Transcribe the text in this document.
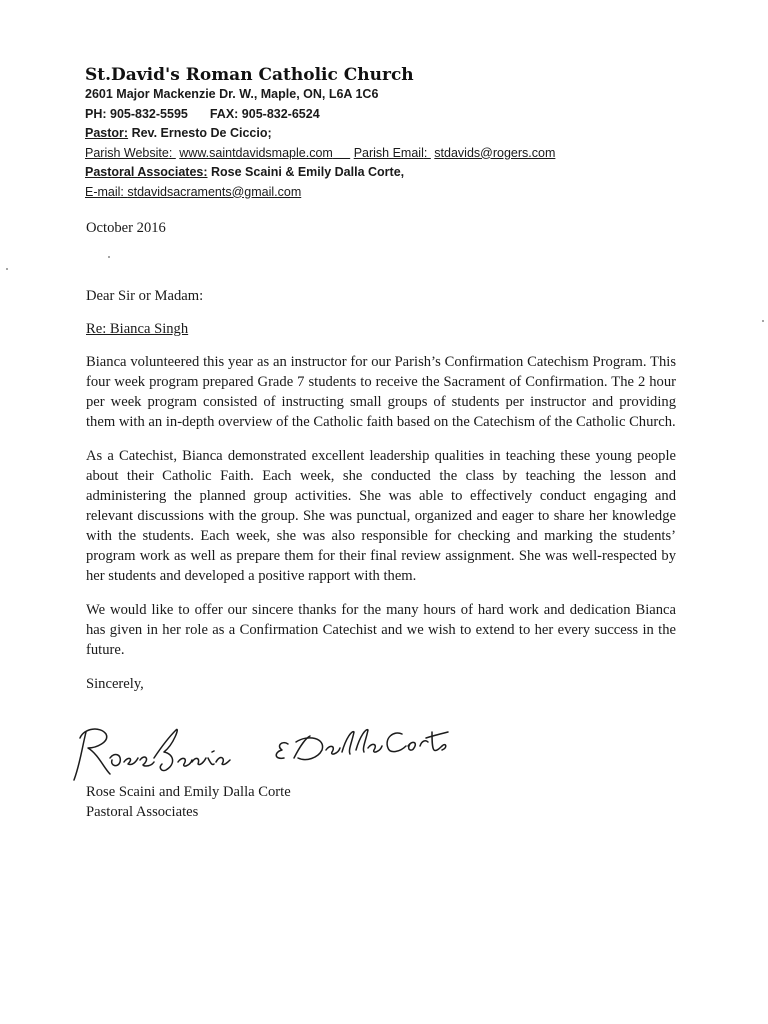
St.David's Roman Catholic Church
2601 Major Mackenzie Dr. W., Maple, ON, L6A 1C6
PH: 905-832-5595 FAX: 905-832-6524
Pastor: Rev. Ernesto De Ciccio;
Parish Website:  www.saintdavidsmaple.com Parish Email:  stdavids@rogers.com
Pastoral Associates: Rose Scaini & Emily Dalla Corte,
E-mail: stdavidsacraments@gmail.com

October 2016

Dear Sir or Madam:

Re: Bianca Singh

Bianca volunteered this year as an instructor for our Parish’s Confirmation Catechism Program. This four week program prepared Grade 7 students to receive the Sacrament of Confirmation. The 2 hour per week program consisted of instructing small groups of students per instructor and providing them with an in-depth overview of the Catholic faith based on the Catechism of the Catholic Church.

As a Catechist, Bianca demonstrated excellent leadership qualities in teaching these young people about their Catholic Faith. Each week, she conducted the class by teaching the lesson and administering the planned group activities. She was able to effectively conduct engaging and relevant discussions with the group. She was punctual, organized and eager to share her knowledge with the students. Each week, she was also responsible for checking and marking the students’ program work as well as prepare them for their final review assignment. She was well-respected by her students and developed a positive rapport with them.

We would like to offer our sincere thanks for the many hours of hard work and dedication Bianca has given in her role as a Confirmation Catechist and we wish to extend to her every success in the future.

Sincerely,

Rose Scaini and Emily Dalla Corte
Pastoral Associates
